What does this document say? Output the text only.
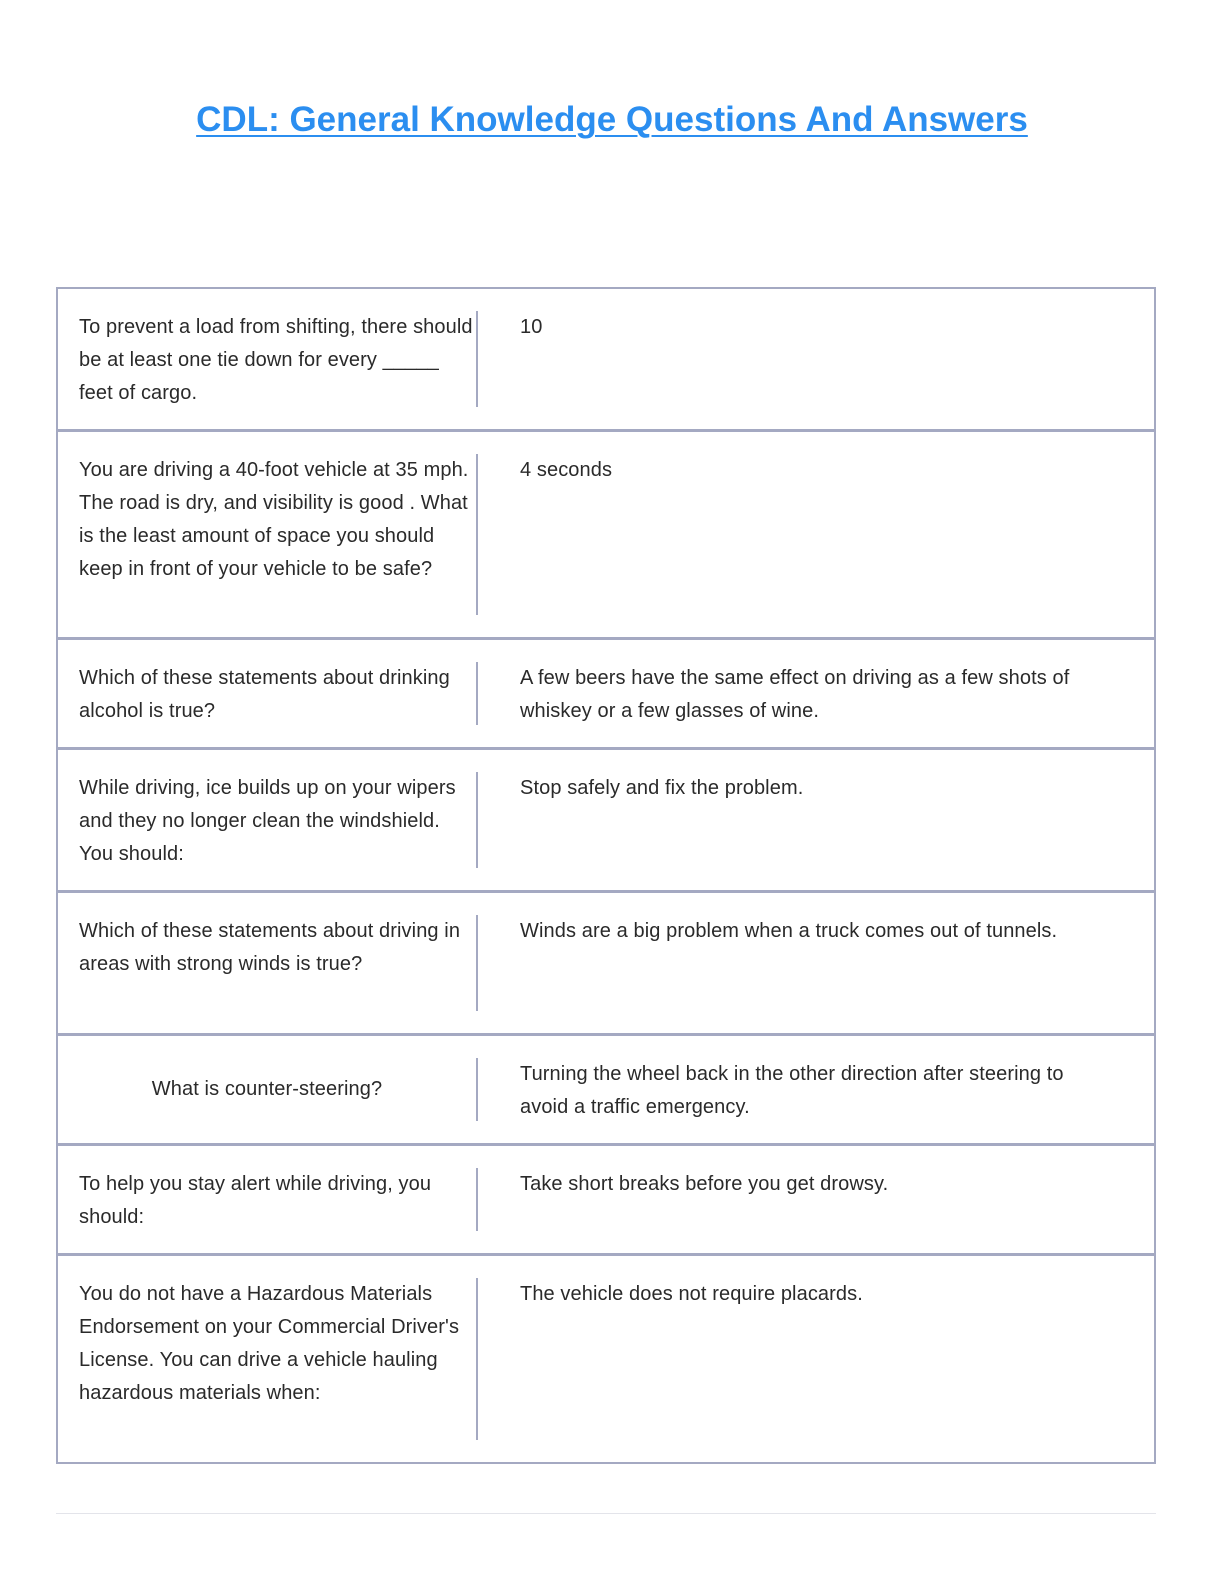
CDL: General Knowledge Questions And Answers
To prevent a load from shifting, there should be at least one tie down for every _____ feet of cargo.
10
You are driving a 40-foot vehicle at 35 mph. The road is dry, and visibility is good . What is the least amount of space you should keep in front of your vehicle to be safe?
4 seconds
Which of these statements about drinking alcohol is true?
A few beers have the same effect on driving as a few shots of whiskey or a few glasses of wine.
While driving, ice builds up on your wipers and they no longer clean the windshield. You should:
Stop safely and fix the problem.
Which of these statements about driving in areas with strong winds is true?
Winds are a big problem when a truck comes out of tunnels.
What is counter-steering?
Turning the wheel back in the other direction after steering to avoid a traffic emergency.
To help you stay alert while driving, you should:
Take short breaks before you get drowsy.
You do not have a Hazardous Materials Endorsement on your Commercial Driver's License. You can drive a vehicle hauling hazardous materials when:
The vehicle does not require placards.
